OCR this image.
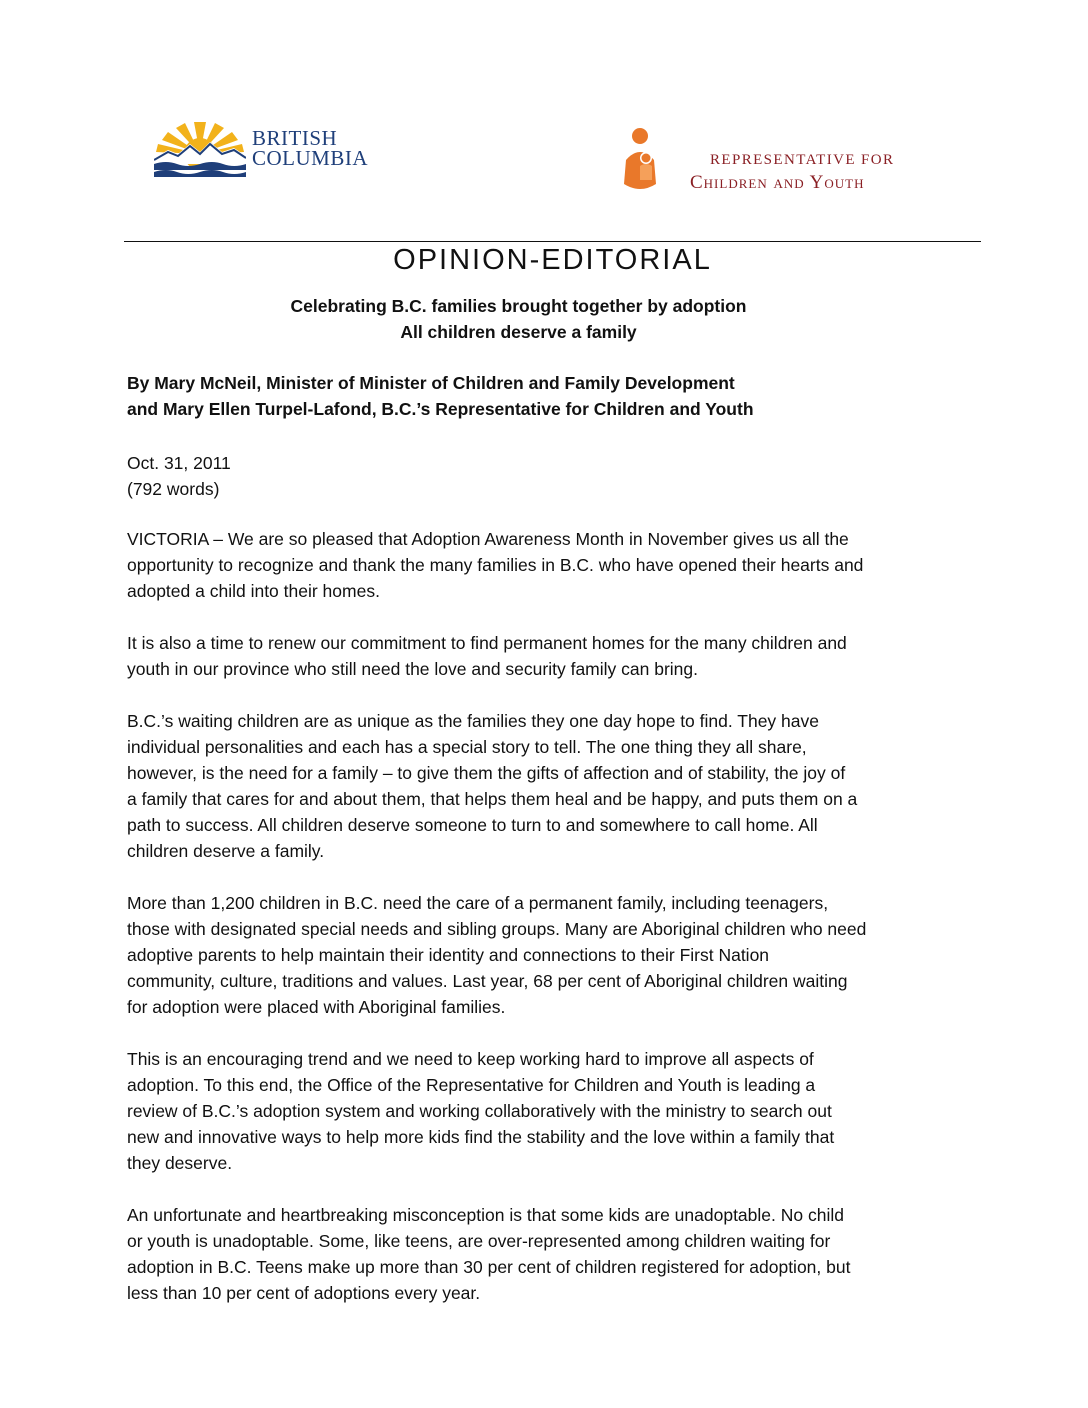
BRITISH
COLUMBIA	REPRESENTATIVE FOR
Children and Youth
OPINION-EDITORIAL
Celebrating B.C. families brought together by adoption
All children deserve a family
By Mary McNeil, Minister of Minister of Children and Family Development
and Mary Ellen Turpel-Lafond, B.C.’s Representative for Children and Youth
Oct. 31, 2011
(792 words)

VICTORIA – We are so pleased that Adoption Awareness Month in November gives us all the
opportunity to recognize and thank the many families in B.C. who have opened their hearts and
adopted a child into their homes.

It is also a time to renew our commitment to find permanent homes for the many children and
youth in our province who still need the love and security family can bring.

B.C.’s waiting children are as unique as the families they one day hope to find. They have
individual personalities and each has a special story to tell. The one thing they all share,
however, is the need for a family – to give them the gifts of affection and of stability, the joy of
a family that cares for and about them, that helps them heal and be happy, and puts them on a
path to success. All children deserve someone to turn to and somewhere to call home. All
children deserve a family.

More than 1,200 children in B.C. need the care of a permanent family, including teenagers,
those with designated special needs and sibling groups. Many are Aboriginal children who need
adoptive parents to help maintain their identity and connections to their First Nation
community, culture, traditions and values. Last year, 68 per cent of Aboriginal children waiting
for adoption were placed with Aboriginal families.

This is an encouraging trend and we need to keep working hard to improve all aspects of
adoption. To this end, the Office of the Representative for Children and Youth is leading a
review of B.C.’s adoption system and working collaboratively with the ministry to search out
new and innovative ways to help more kids find the stability and the love within a family that
they deserve.

An unfortunate and heartbreaking misconception is that some kids are unadoptable. No child
or youth is unadoptable. Some, like teens, are over-represented among children waiting for
adoption in B.C. Teens make up more than 30 per cent of children registered for adoption, but
less than 10 per cent of adoptions every year.
